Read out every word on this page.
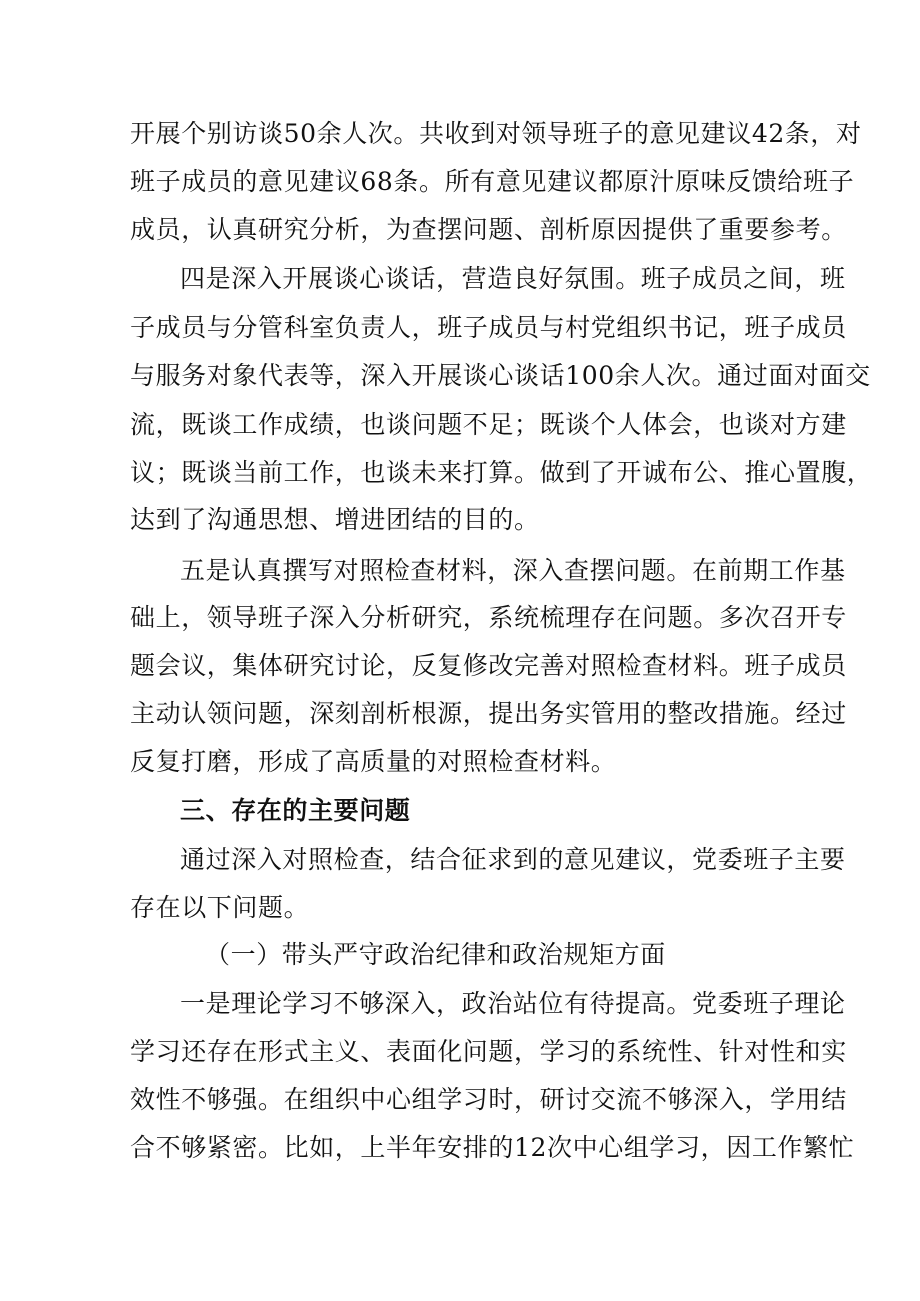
开展个别访谈50余人次。共收到对领导班子的意见建议42条，对
班子成员的意见建议68条。所有意见建议都原汁原味反馈给班子
成员，认真研究分析，为查摆问题、剖析原因提供了重要参考。
四是深入开展谈心谈话，营造良好氛围。班子成员之间，班
子成员与分管科室负责人，班子成员与村党组织书记，班子成员
与服务对象代表等，深入开展谈心谈话100余人次。通过面对面交
流，既谈工作成绩，也谈问题不足；既谈个人体会，也谈对方建
议；既谈当前工作，也谈未来打算。做到了开诚布公、推心置腹，
达到了沟通思想、增进团结的目的。
五是认真撰写对照检查材料，深入查摆问题。在前期工作基
础上，领导班子深入分析研究，系统梳理存在问题。多次召开专
题会议，集体研究讨论，反复修改完善对照检查材料。班子成员
主动认领问题，深刻剖析根源，提出务实管用的整改措施。经过
反复打磨，形成了高质量的对照检查材料。
三、存在的主要问题
通过深入对照检查，结合征求到的意见建议，党委班子主要
存在以下问题。
（一）带头严守政治纪律和政治规矩方面
一是理论学习不够深入，政治站位有待提高。党委班子理论
学习还存在形式主义、表面化问题，学习的系统性、针对性和实
效性不够强。在组织中心组学习时，研讨交流不够深入，学用结
合不够紧密。比如，上半年安排的12次中心组学习，因工作繁忙
